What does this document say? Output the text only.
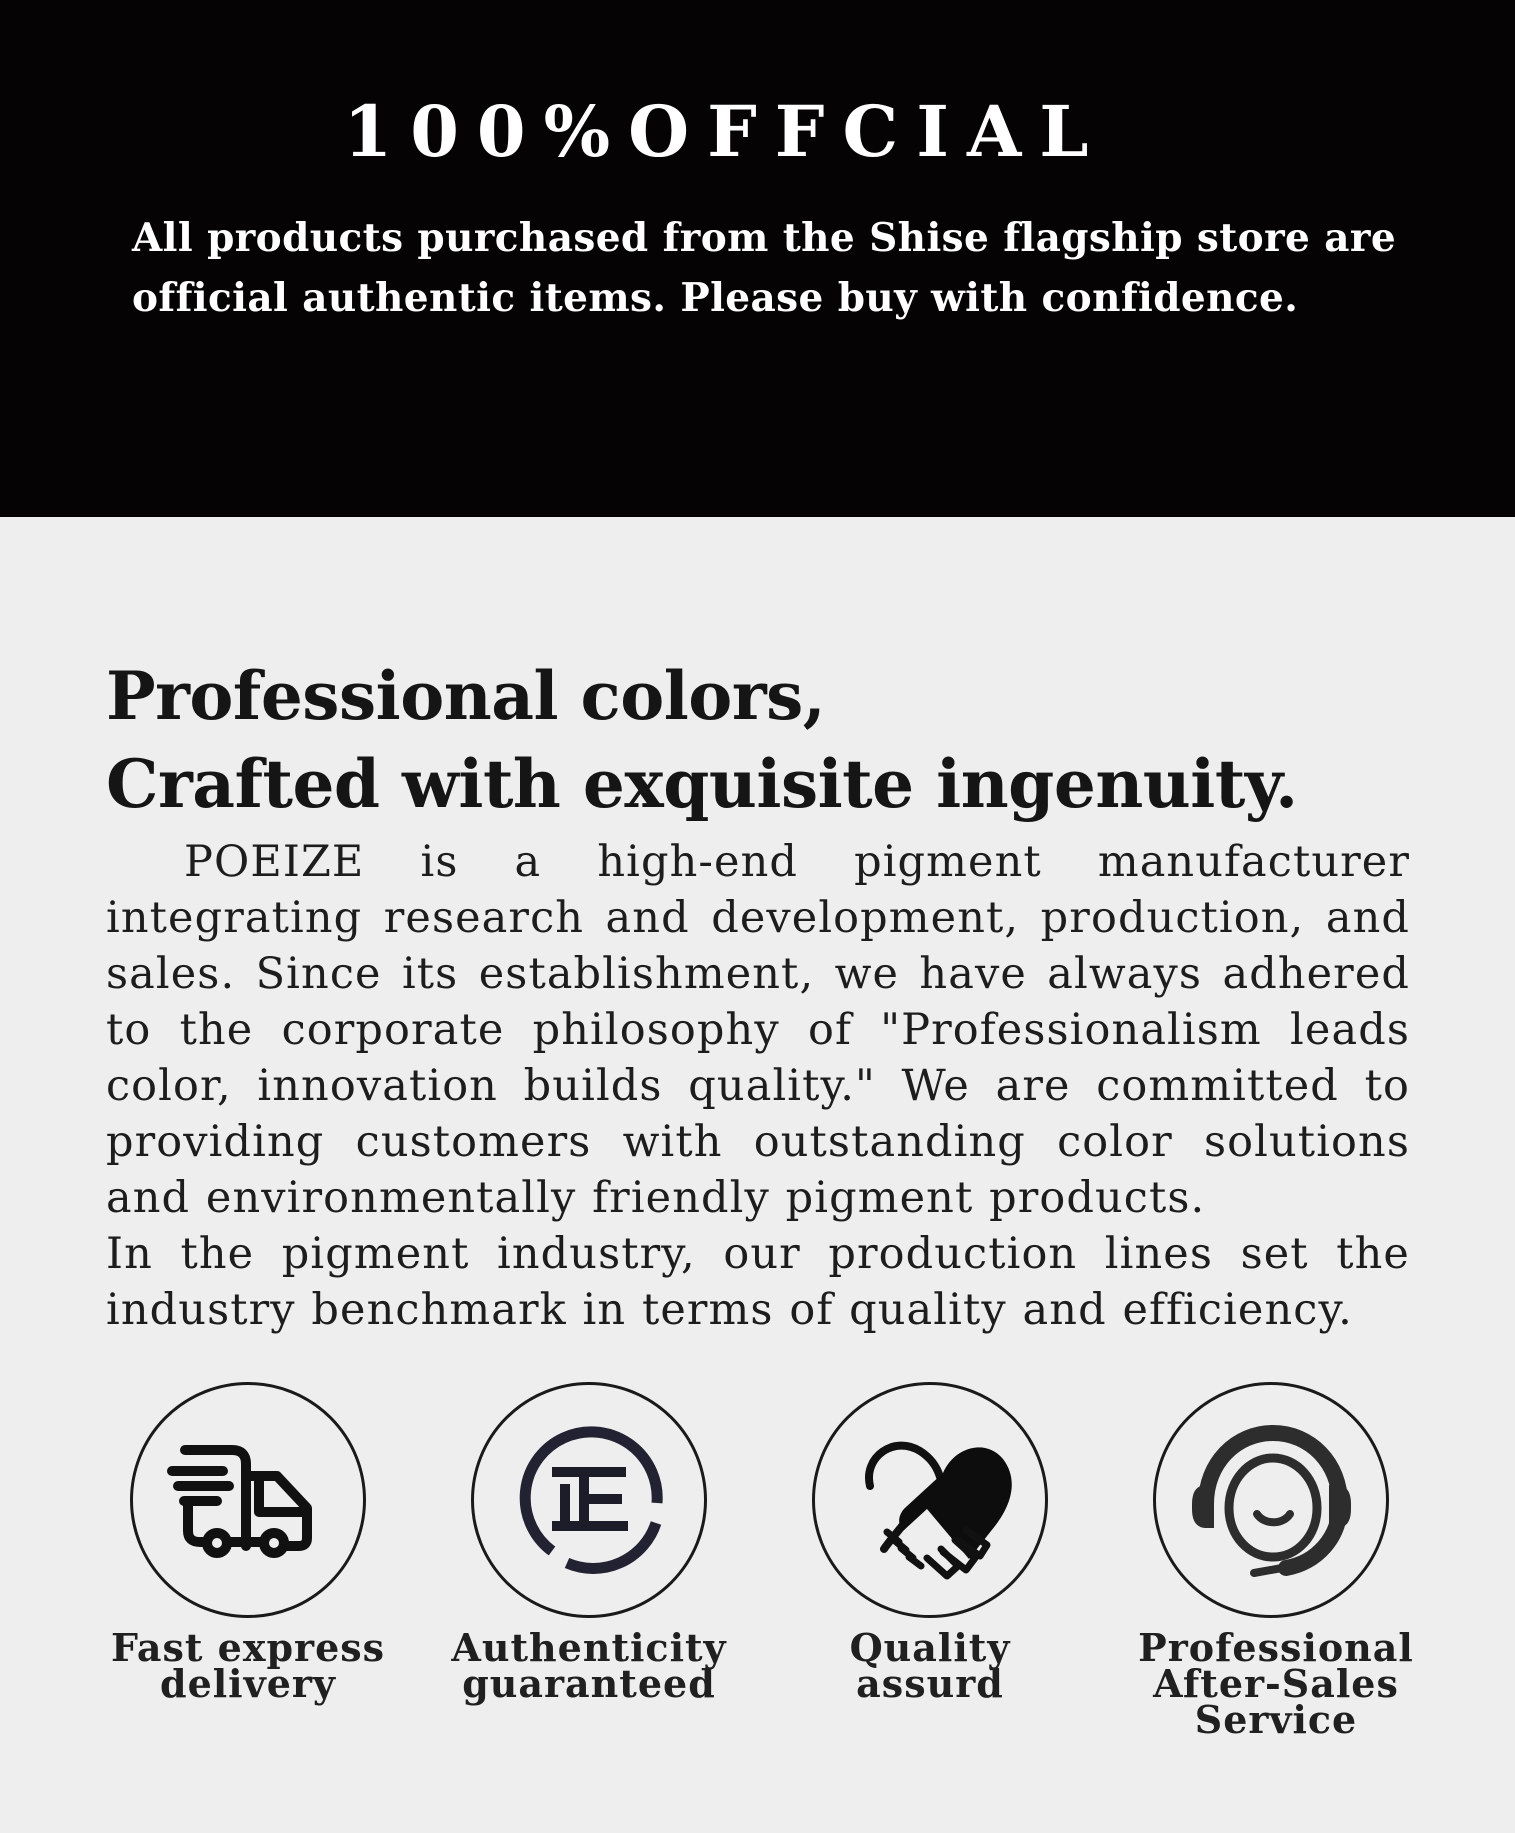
100%OFFCIAL
All products purchased from the Shise flagship store are official authentic items. Please buy with confidence.
Professional colors,
Crafted with exquisite ingenuity.

POEIZE is a high-end pigment manufacturer integrating research and development, production, and sales. Since its establishment, we have always adhered to the corporate philosophy of "Professionalism leads color, innovation builds quality." We are committed to providing customers with outstanding color solutions and environmentally friendly pigment products.

In the pigment industry, our production lines set the industry benchmark in terms of quality and efficiency.

Fast express
delivery
Authenticity
guaranteed
Quality
assurd
Professional
After-Sales Service
